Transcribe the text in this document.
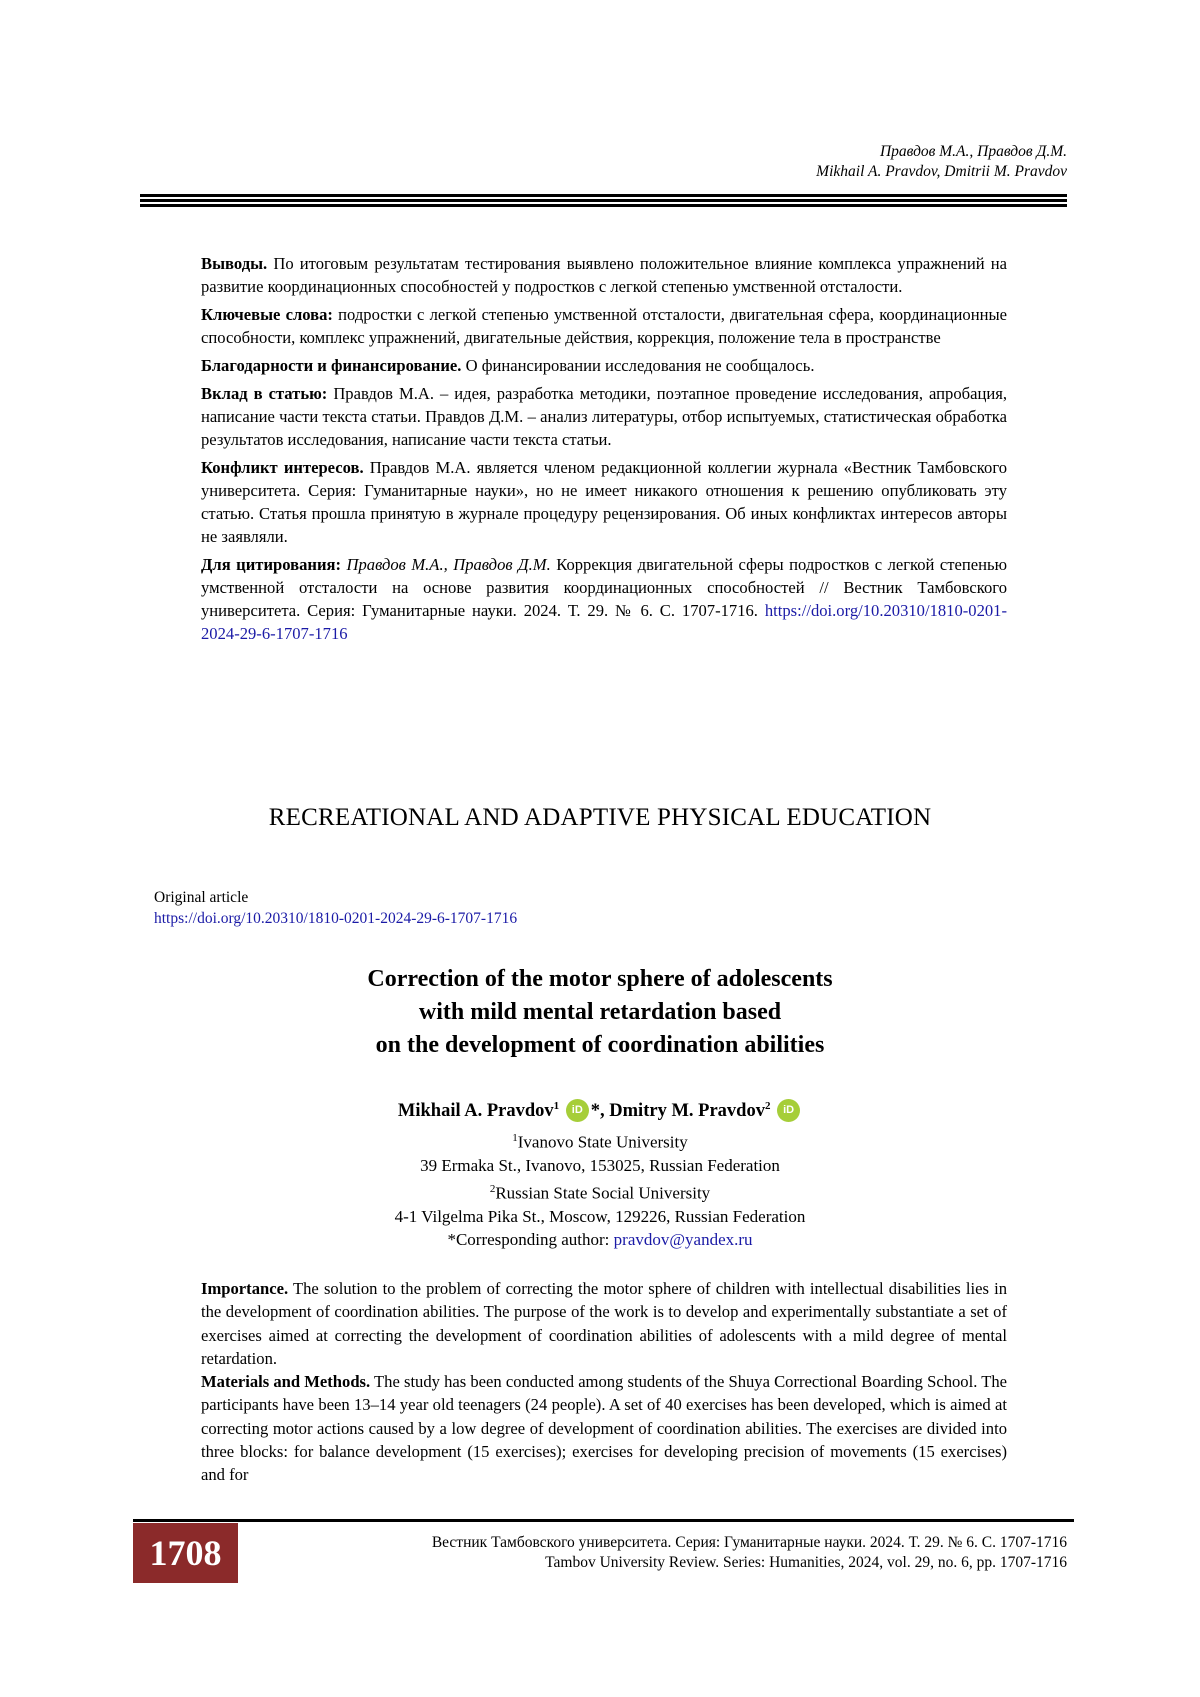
Правдов М.А., Правдов Д.М.
Mikhail A. Pravdov, Dmitrii M. Pravdov

Выводы. По итоговым результатам тестирования выявлено положительное влияние комплекса упражнений на развитие координационных способностей у подростков с легкой степенью умственной отсталости.

Ключевые слова: подростки с легкой степенью умственной отсталости, двигательная сфера, координационные способности, комплекс упражнений, двигательные действия, коррекция, положение тела в пространстве

Благодарности и финансирование. О финансировании исследования не сообщалось.

Вклад в статью: Правдов М.А. – идея, разработка методики, поэтапное проведение исследования, апробация, написание части текста статьи. Правдов Д.М. – анализ литературы, отбор испытуемых, статистическая обработка результатов исследования, написание части текста статьи.

Конфликт интересов. Правдов М.А. является членом редакционной коллегии журнала «Вестник Тамбовского университета. Серия: Гуманитарные науки», но не имеет никакого отношения к решению опубликовать эту статью. Статья прошла принятую в журнале процедуру рецензирования. Об иных конфликтах интересов авторы не заявляли.

Для цитирования: Правдов М.А., Правдов Д.М. Коррекция двигательной сферы подростков с легкой степенью умственной отсталости на основе развития координационных способностей // Вестник Тамбовского университета. Серия: Гуманитарные науки. 2024. Т. 29. № 6. С. 1707-1716. https://doi.org/10.20310/1810-0201-2024-29-6-1707-1716

RECREATIONAL AND ADAPTIVE PHYSICAL EDUCATION
Original article
https://doi.org/10.20310/1810-0201-2024-29-6-1707-1716
Correction of the motor sphere of adolescents
with mild mental retardation based
on the development of coordination abilities
Mikhail A. Pravdov$^1$ iD *, Dmitry M. Pravdov$^2$ iD
$^1$Ivanovo State University
39 Ermaka St., Ivanovo, 153025, Russian Federation
$^2$Russian State Social University
4-1 Vilgelma Pika St., Moscow, 129226, Russian Federation
*Corresponding author: pravdov@yandex.ru

Importance. The solution to the problem of correcting the motor sphere of children with intellectual disabilities lies in the development of coordination abilities. The purpose of the work is to develop and experimentally substantiate a set of exercises aimed at correcting the development of coordination abilities of adolescents with a mild degree of mental retardation.

Materials and Methods. The study has been conducted among students of the Shuya Correctional Boarding School. The participants have been 13–14 year old teenagers (24 people). A set of 40 exercises has been developed, which is aimed at correcting motor actions caused by a low degree of development of coordination abilities. The exercises are divided into three blocks: for balance development (15 exercises); exercises for developing precision of movements (15 exercises) and for

1708	Вестник Тамбовского университета. Серия: Гуманитарные науки. 2024. Т. 29. № 6. С. 1707-1716
Tambov University Review. Series: Humanities, 2024, vol. 29, no. 6, pp. 1707-1716
